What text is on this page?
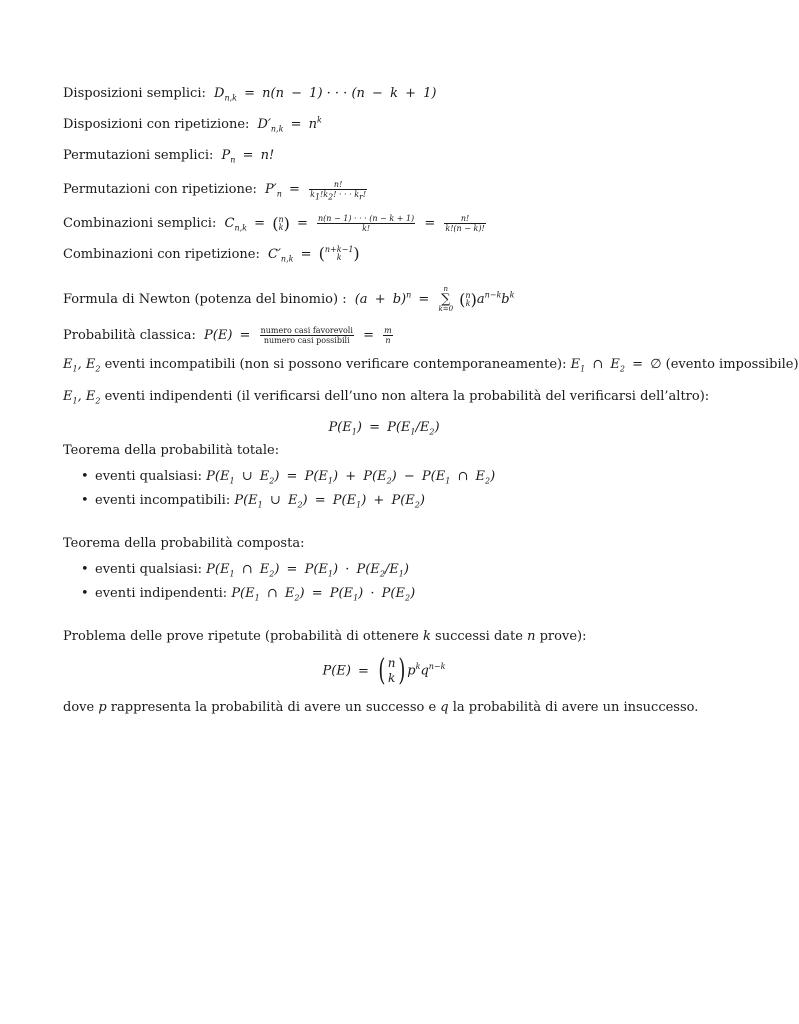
Disposizioni semplici: $D_{n,k} = n(n - 1)$ · · · (n − k + 1)
Disposizioni con ripetizione: $D'_{n,k} = n^k$
Permutazioni semplici: $P_n = n$!
Permutazioni con ripetizione: $P'_n = \frac{n!}{k_1!k_2! \cdot \cdot \cdot k_r!}$
Combinazioni semplici: $C_{n,k}$ = ( n
k ) = $\frac{n(n - 1) \cdot \cdot \cdot (n - k + 1)}{k!} = \frac{n!}{k!(n - k)!}$
Combinazioni con ripetizione: $C'_{n,k}$ = ( n+k−1
k )
Formula di Newton (potenza del binomio) : $(a + b)^n = n$
∑
k=0
( n
k ) $a^{n-k}b^k$
Probabilità classica: $P(E) = \frac{\text{numero casi favorevoli}}{\text{numero casi possibili}} = \frac{m}{n}$
$E_1$, $E_2$ eventi incompatibili (non si possono verificare contemporaneamente): $E_1$ ∩ $E_2$ = ∅ (evento impossibile)
$E_1$, $E_2$ eventi indipendenti (il verificarsi dell’uno non altera la probabilità del verificarsi dell’altro):
$P(E_1) = P(E_1/E_2)$
Teorema della probabilità totale:
• eventi qualsiasi: $P(E_1$ ∪ $E_2) = P(E_1) + P(E_2) - P(E_1$ ∩ $E_2$)
• eventi incompatibili: $P(E_1$ ∪ $E_2) = P(E_1) + P(E_2)$
Teorema della probabilità composta:
• eventi qualsiasi: $P(E_1$ ∩ $E_2) = P(E_1) \cdot P(E_2/E_1)$
• eventi indipendenti: $P(E_1$ ∩ $E_2) = P(E_1) \cdot P(E_2)$
Problema delle prove ripetute (probabilità di ottenere k successi date n prove):
P(E) = ( n
k ) $p^kq^{n-k}$
dove p rappresenta la probabilità di avere un successo e q la probabilità di avere un insuccesso.
